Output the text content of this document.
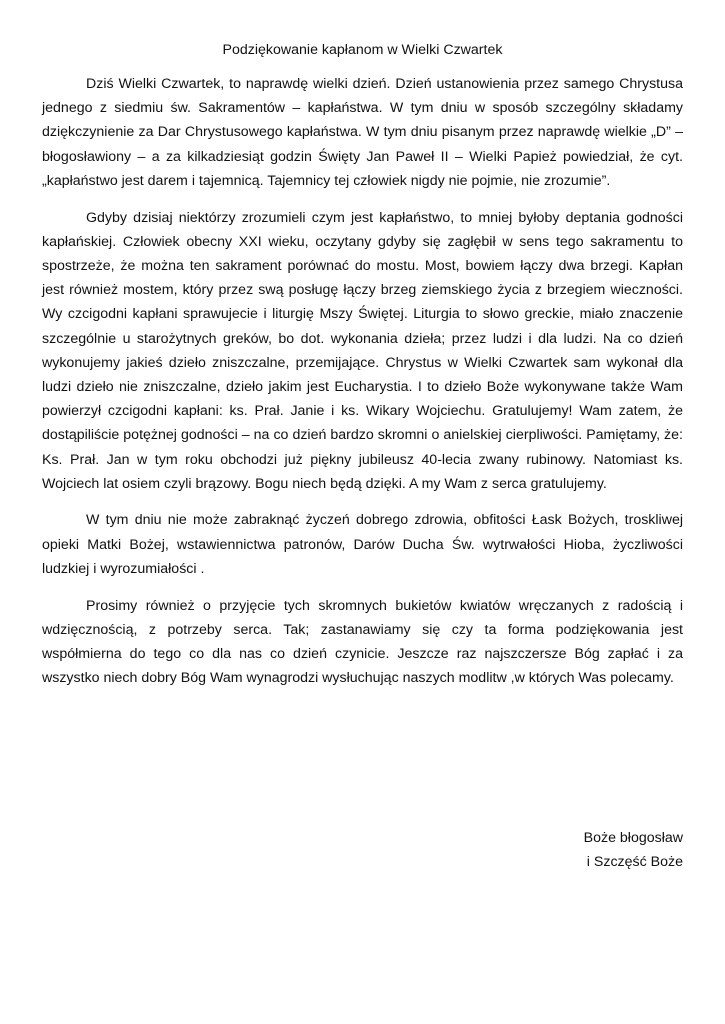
Podziękowanie kapłanom w Wielki Czwartek

Dziś Wielki Czwartek, to naprawdę wielki dzień. Dzień ustanowienia przez samego Chrystusa jednego z siedmiu św. Sakramentów – kapłaństwa. W tym dniu w sposób szczególny składamy dziękczynienie za Dar Chrystusowego kapłaństwa. W tym dniu pisanym przez naprawdę wielkie „D” – błogosławiony – a za kilkadziesiąt godzin Święty Jan Paweł II – Wielki Papież powiedział, że cyt. „kapłaństwo jest darem i tajemnicą. Tajemnicy tej człowiek nigdy nie pojmie, nie zrozumie”.

Gdyby dzisiaj niektórzy zrozumieli czym jest kapłaństwo, to mniej byłoby deptania godności kapłańskiej. Człowiek obecny XXI wieku, oczytany gdyby się zagłębił w sens tego sakramentu to spostrzeże, że można ten sakrament porównać do mostu. Most, bowiem łączy dwa brzegi. Kapłan jest również mostem, który przez swą posługę łączy brzeg ziemskiego życia z brzegiem wieczności. Wy czcigodni kapłani sprawujecie i liturgię Mszy Świętej. Liturgia to słowo greckie, miało znaczenie szczególnie u starożytnych greków, bo dot. wykonania dzieła; przez ludzi i dla ludzi. Na co dzień wykonujemy jakieś dzieło zniszczalne, przemijające. Chrystus w Wielki Czwartek sam wykonał dla ludzi dzieło nie zniszczalne, dzieło jakim jest Eucharystia. I to dzieło Boże wykonywane także Wam powierzył czcigodni kapłani: ks. Prał. Janie i ks. Wikary Wojciechu. Gratulujemy! Wam zatem, że dostąpiliście potężnej godności – na co dzień bardzo skromni o anielskiej cierpliwości. Pamiętamy, że: Ks. Prał. Jan w tym roku obchodzi już piękny jubileusz 40-lecia zwany rubinowy. Natomiast ks. Wojciech lat osiem czyli brązowy. Bogu niech będą dzięki. A my Wam z serca gratulujemy.

W tym dniu nie może zabraknąć życzeń dobrego zdrowia, obfitości Łask Bożych, troskliwej opieki Matki Bożej, wstawiennictwa patronów, Darów Ducha Św. wytrwałości Hioba, życzliwości ludzkiej i wyrozumiałości .

Prosimy również o przyjęcie tych skromnych bukietów kwiatów wręczanych z radością i wdzięcznością, z potrzeby serca. Tak; zastanawiamy się czy ta forma podziękowania jest współmierna do tego co dla nas co dzień czynicie. Jeszcze raz najszczersze Bóg zapłać i za wszystko niech dobry Bóg Wam wynagrodzi wysłuchując naszych modlitw ,w których Was polecamy.

Boże błogosław
i Szczęść Boże
